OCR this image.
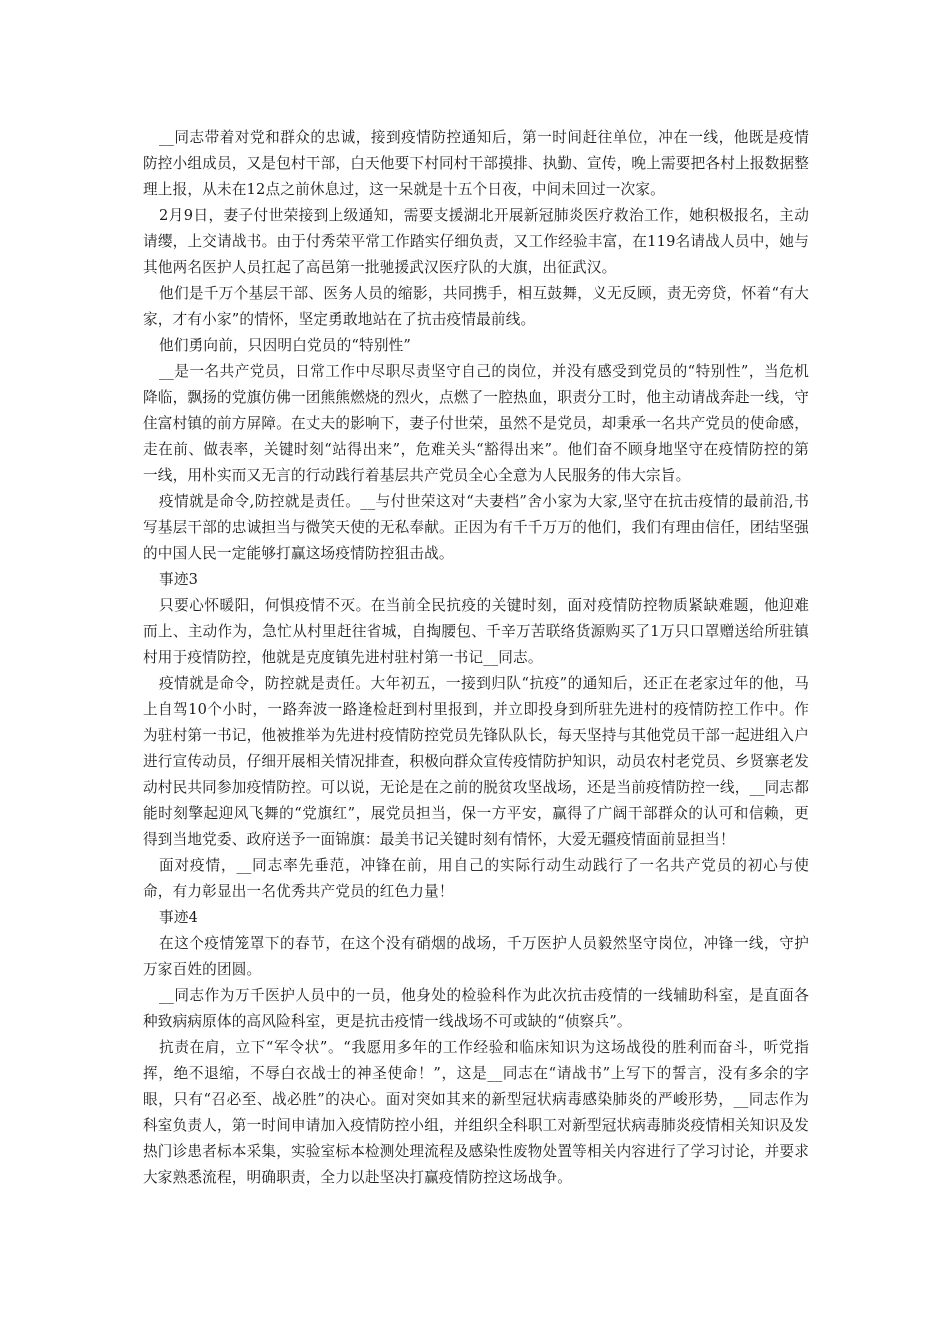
__同志带着对党和群众的忠诚，接到疫情防控通知后，第一时间赶往单位，冲在一线，他既是疫情防控小组成员，又是包村干部，白天他要下村同村干部摸排、执勤、宣传，晚上需要把各村上报数据整理上报，从未在12点之前休息过，这一呆就是十五个日夜，中间未回过一次家。

2月9日，妻子付世荣接到上级通知，需要支援湖北开展新冠肺炎医疗救治工作，她积极报名，主动请缨，上交请战书。由于付秀荣平常工作踏实仔细负责，又工作经验丰富，在119名请战人员中，她与其他两名医护人员扛起了高邑第一批驰援武汉医疗队的大旗，出征武汉。

他们是千万个基层干部、医务人员的缩影，共同携手，相互鼓舞，义无反顾，责无旁贷，怀着“有大家，才有小家”的情怀，坚定勇敢地站在了抗击疫情最前线。

他们勇向前，只因明白党员的“特别性”

__是一名共产党员，日常工作中尽职尽责坚守自己的岗位，并没有感受到党员的“特别性”，当危机降临，飘扬的党旗仿佛一团熊熊燃烧的烈火，点燃了一腔热血，职责分工时，他主动请战奔赴一线，守住富村镇的前方屏障。在丈夫的影响下，妻子付世荣，虽然不是党员，却秉承一名共产党员的使命感，走在前、做表率，关键时刻“站得出来”，危难关头“豁得出来”。他们奋不顾身地坚守在疫情防控的第一线，用朴实而又无言的行动践行着基层共产党员全心全意为人民服务的伟大宗旨。

疫情就是命令,防控就是责任。__与付世荣这对“夫妻档”舍小家为大家,坚守在抗击疫情的最前沿,书写基层干部的忠诚担当与微笑天使的无私奉献。正因为有千千万万的他们，我们有理由信任，团结坚强的中国人民一定能够打赢这场疫情防控狙击战。

事迹3

只要心怀暖阳，何惧疫情不灭。在当前全民抗疫的关键时刻，面对疫情防控物质紧缺难题，他迎难而上、主动作为，急忙从村里赶往省城，自掏腰包、千辛万苦联络货源购买了1万只口罩赠送给所驻镇村用于疫情防控，他就是克度镇先进村驻村第一书记__同志。

疫情就是命令，防控就是责任。大年初五，一接到归队“抗疫”的通知后，还正在老家过年的他，马上自驾10个小时，一路奔波一路逢检赶到村里报到，并立即投身到所驻先进村的疫情防控工作中。作为驻村第一书记，他被推举为先进村疫情防控党员先锋队队长，每天坚持与其他党员干部一起进组入户进行宣传动员，仔细开展相关情况排查，积极向群众宣传疫情防护知识，动员农村老党员、乡贤寨老发动村民共同参加疫情防控。可以说，无论是在之前的脱贫攻坚战场，还是当前疫情防控一线，__同志都能时刻擎起迎风飞舞的“党旗红”，展党员担当，保一方平安，赢得了广阔干部群众的认可和信赖，更得到当地党委、政府送予一面锦旗：最美书记关键时刻有情怀，大爱无疆疫情面前显担当！

面对疫情，__同志率先垂范，冲锋在前，用自己的实际行动生动践行了一名共产党员的初心与使命，有力彰显出一名优秀共产党员的红色力量！

事迹4

在这个疫情笼罩下的春节，在这个没有硝烟的战场，千万医护人员毅然坚守岗位，冲锋一线，守护万家百姓的团圆。

__同志作为万千医护人员中的一员，他身处的检验科作为此次抗击疫情的一线辅助科室，是直面各种致病病原体的高风险科室，更是抗击疫情一线战场不可或缺的“侦察兵”。

抗责在肩，立下“军令状”。“我愿用多年的工作经验和临床知识为这场战役的胜利而奋斗，听党指挥，绝不退缩，不辱白衣战士的神圣使命！”，这是__同志在“请战书”上写下的誓言，没有多余的字眼，只有“召必至、战必胜”的决心。面对突如其来的新型冠状病毒感染肺炎的严峻形势，__同志作为科室负责人，第一时间申请加入疫情防控小组，并组织全科职工对新型冠状病毒肺炎疫情相关知识及发热门诊患者标本采集，实验室标本检测处理流程及感染性废物处置等相关内容进行了学习讨论，并要求大家熟悉流程，明确职责，全力以赴坚决打赢疫情防控这场战争。
